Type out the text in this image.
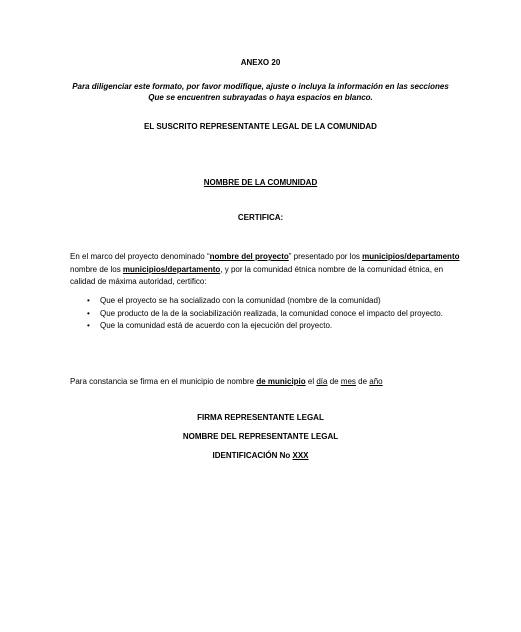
ANEXO 20
Para diligenciar este formato, por favor modifique, ajuste o incluya la información en las secciones
Que se encuentren subrayadas o haya espacios en blanco.
EL SUSCRITO REPRESENTANTE LEGAL DE LA COMUNIDAD
NOMBRE DE LA COMUNIDAD
CERTIFICA:
En el marco del proyecto denominado “nombre del proyecto” presentado por los municipios/departamento nombre de los municipios/departamento, y por la comunidad étnica nombre de la comunidad étnica, en calidad de máxima autoridad, certifico:
• Que el proyecto se ha socializado con la comunidad (nombre de la comunidad)
• Que producto de la de la sociabilización realizada, la comunidad conoce el impacto del proyecto.
• Que la comunidad está de acuerdo con la ejecución del proyecto.
Para constancia se firma en el municipio de nombre de municipio el día de mes de año
FIRMA REPRESENTANTE LEGAL
NOMBRE DEL REPRESENTANTE LEGAL
IDENTIFICACIÓN No XXX
